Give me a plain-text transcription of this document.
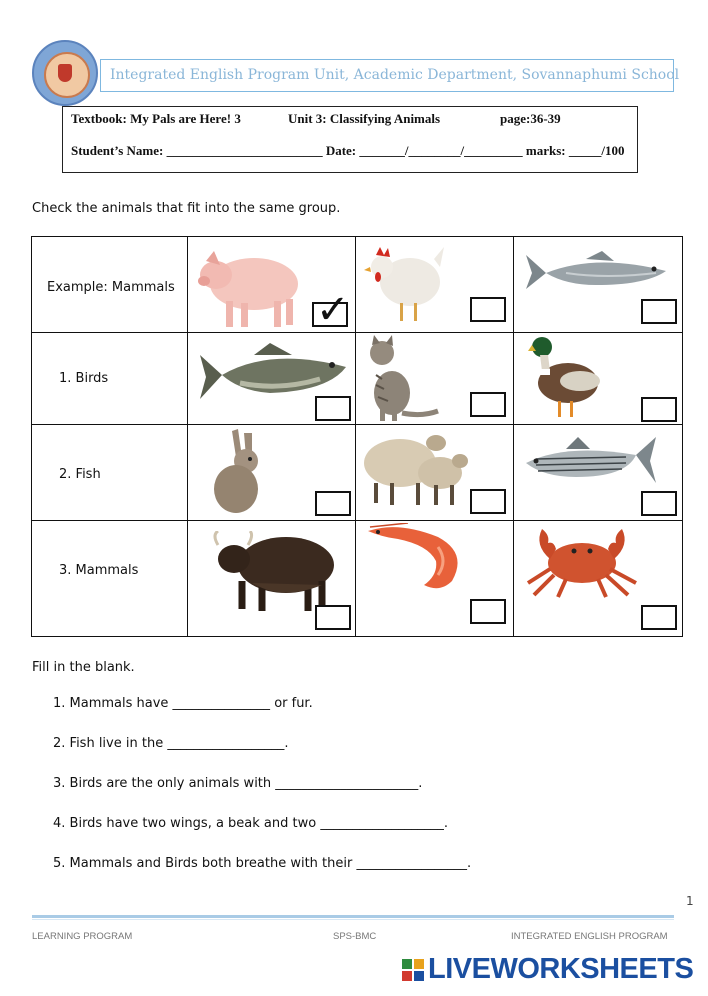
Integrated English Program Unit, Academic Department, Sovannaphumi School
Textbook: My Pals are Here! 3	Unit 3: Classifying Animals	page:36-39
Student’s Name: ________________________ Date: _______/________/_________ marks: _____/100
Check the animals that fit into the same group.
Example: Mammals	✓

1. Birds

2. Fish

3. Mammals

Fill in the blank.
1. Mammals have _______________ or fur.
2. Fish live in the __________________.
3. Birds are the only animals with ______________________.
4. Birds have two wings, a beak and two ___________________.
5. Mammals and Birds both breathe with their _________________.
1
LEARNING PROGRAM	SPS-BMC	INTEGRATED ENGLISH PROGRAM
LIVEWORKSHEETS
